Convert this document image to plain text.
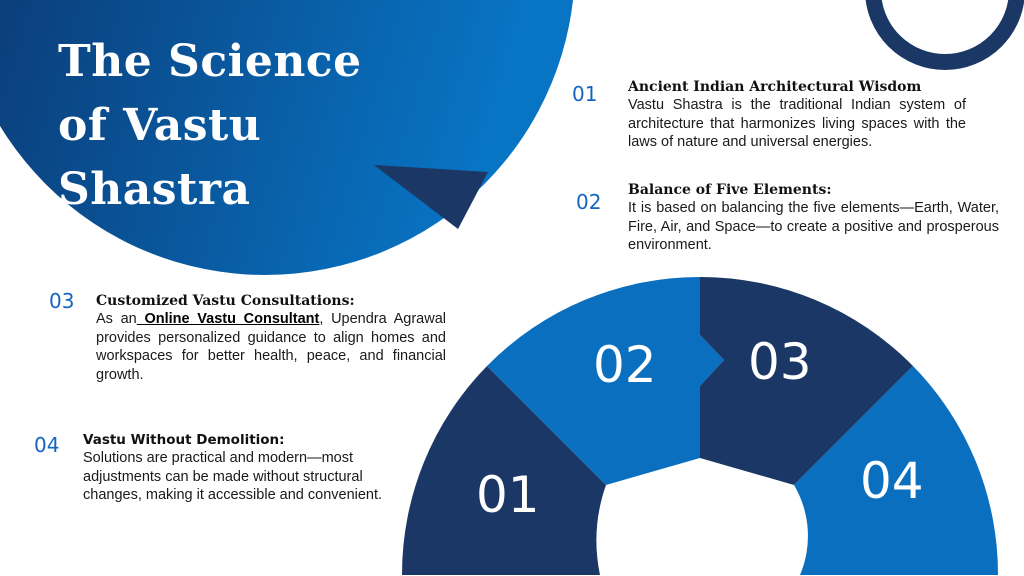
The Science of Vastu Shastra
01 Ancient Indian Architectural Wisdom
Vastu Shastra is the traditional Indian system of architecture that harmonizes living spaces with the laws of nature and universal energies.
02 Balance of Five Elements:
It is based on balancing the five elements—Earth, Water, Fire, Air, and Space—to create a positive and prosperous environment.
03 Customized Vastu Consultations:
As an Online Vastu Consultant, Upendra Agrawal provides personalized guidance to align homes and workspaces for better health, peace, and financial growth.
04 Vastu Without Demolition:
Solutions are practical and modern—most adjustments can be made without structural changes, making it accessible and convenient. 01
02 03
04
